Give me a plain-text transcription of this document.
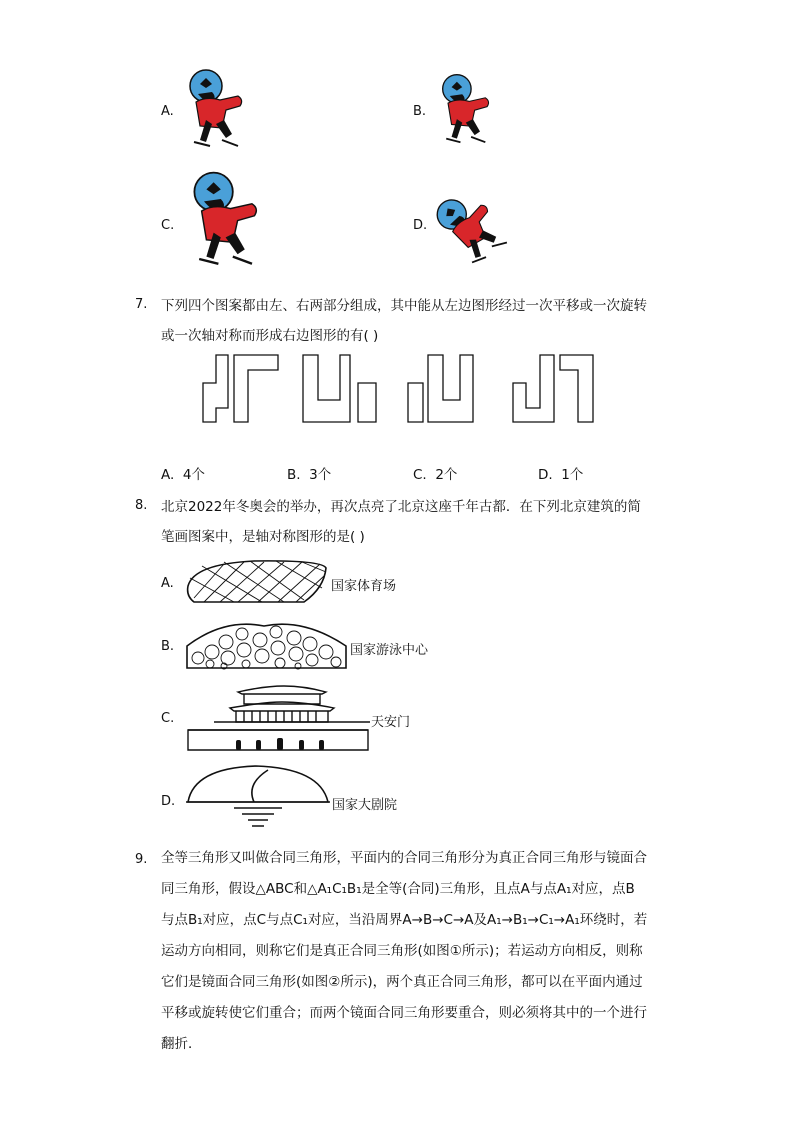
A.	B.
C.	D.
7. 下列四个图案都由左、右两部分组成，其中能从左边图形经过一次平移或一次旋转
或一次轴对称而形成右边图形的有( )
A. 4个	B. 3个	C. 2个	D. 1个
8. 北京2022年冬奥会的举办，再次点亮了北京这座千年古都．在下列北京建筑的简
笔画图案中，是轴对称图形的是( )
A.	国家体育场
B.	国家游泳中心
C.	天安门
D.	国家大剧院
9. 全等三角形又叫做合同三角形，平面内的合同三角形分为真正合同三角形与镜面合
同三角形，假设△ABC和△A₁C₁B₁是全等(合同)三角形，且点A与点A₁对应，点B
与点B₁对应，点C与点C₁对应，当沿周界A→B→C→A及A₁→B₁→C₁→A₁环绕时，若
运动方向相同，则称它们是真正合同三角形(如图①所示)；若运动方向相反，则称
它们是镜面合同三角形(如图②所示)，两个真正合同三角形，都可以在平面内通过
平移或旋转使它们重合；而两个镜面合同三角形要重合，则必须将其中的一个进行
翻折．
